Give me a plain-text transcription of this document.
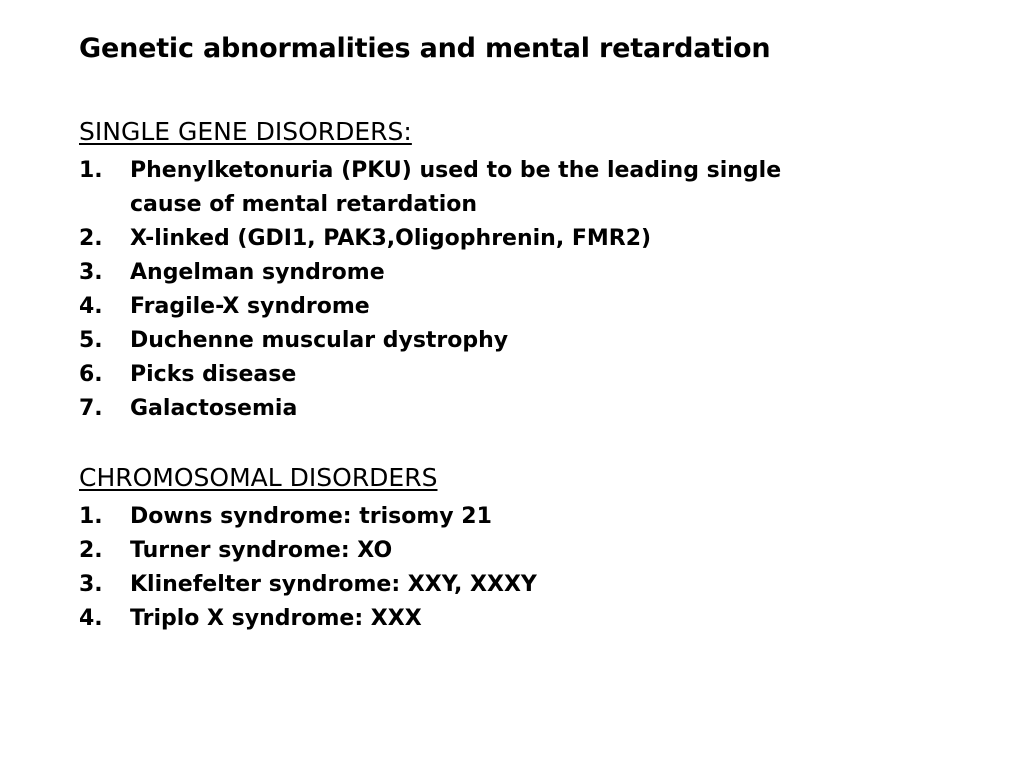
Genetic abnormalities and mental retardation
SINGLE GENE DISORDERS:
1. Phenylketonuria (PKU) used to be the leading single cause of mental retardation
2. X-linked (GDI1, PAK3,Oligophrenin, FMR2)
3. Angelman syndrome
4. Fragile-X syndrome
5. Duchenne muscular dystrophy
6. Picks disease
7. Galactosemia
CHROMOSOMAL DISORDERS
1. Downs syndrome: trisomy 21
2. Turner syndrome: XO
3. Klinefelter syndrome: XXY, XXXY
4. Triplo X syndrome: XXX
